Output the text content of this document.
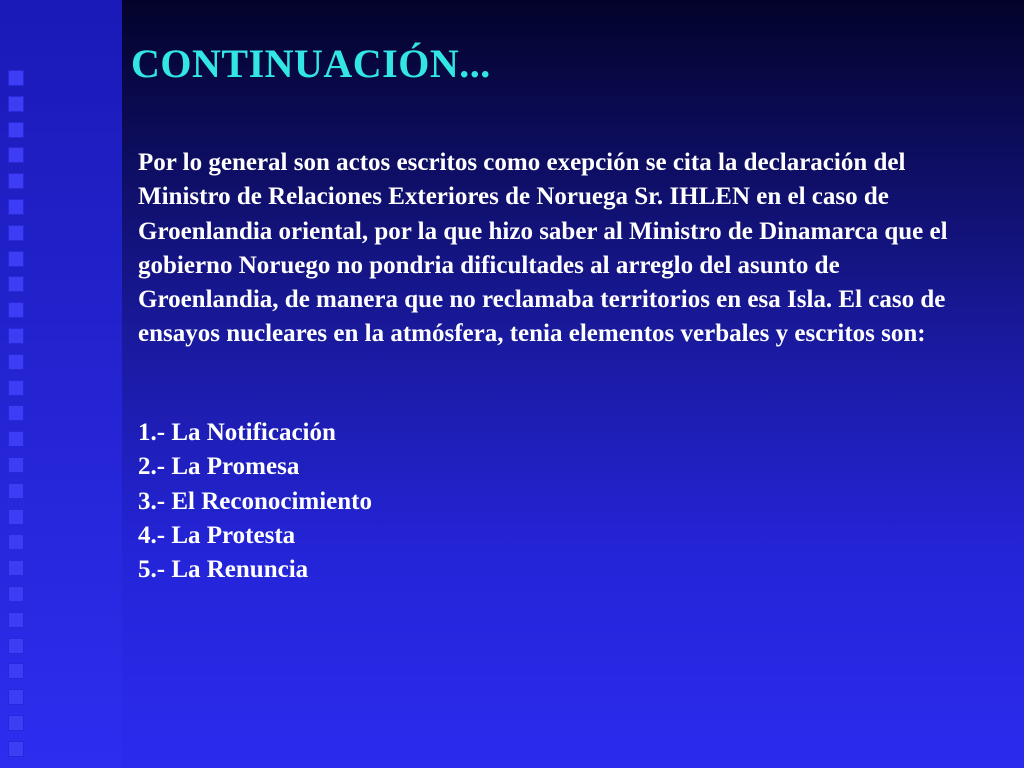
CONTINUACIÓN...

Por lo general son actos escritos como exepción se cita la declaración del Ministro de Relaciones Exteriores de Noruega Sr. IHLEN en el caso de Groenlandia oriental, por la que hizo saber al Ministro de Dinamarca que el gobierno Noruego no pondria dificultades al arreglo del asunto de Groenlandia, de manera que no reclamaba territorios en esa Isla. El caso de ensayos nucleares en la atmósfera, tenia elementos verbales y escritos son:

1.- La Notificación
2.- La Promesa
3.- El Reconocimiento
4.- La Protesta
5.- La Renuncia
